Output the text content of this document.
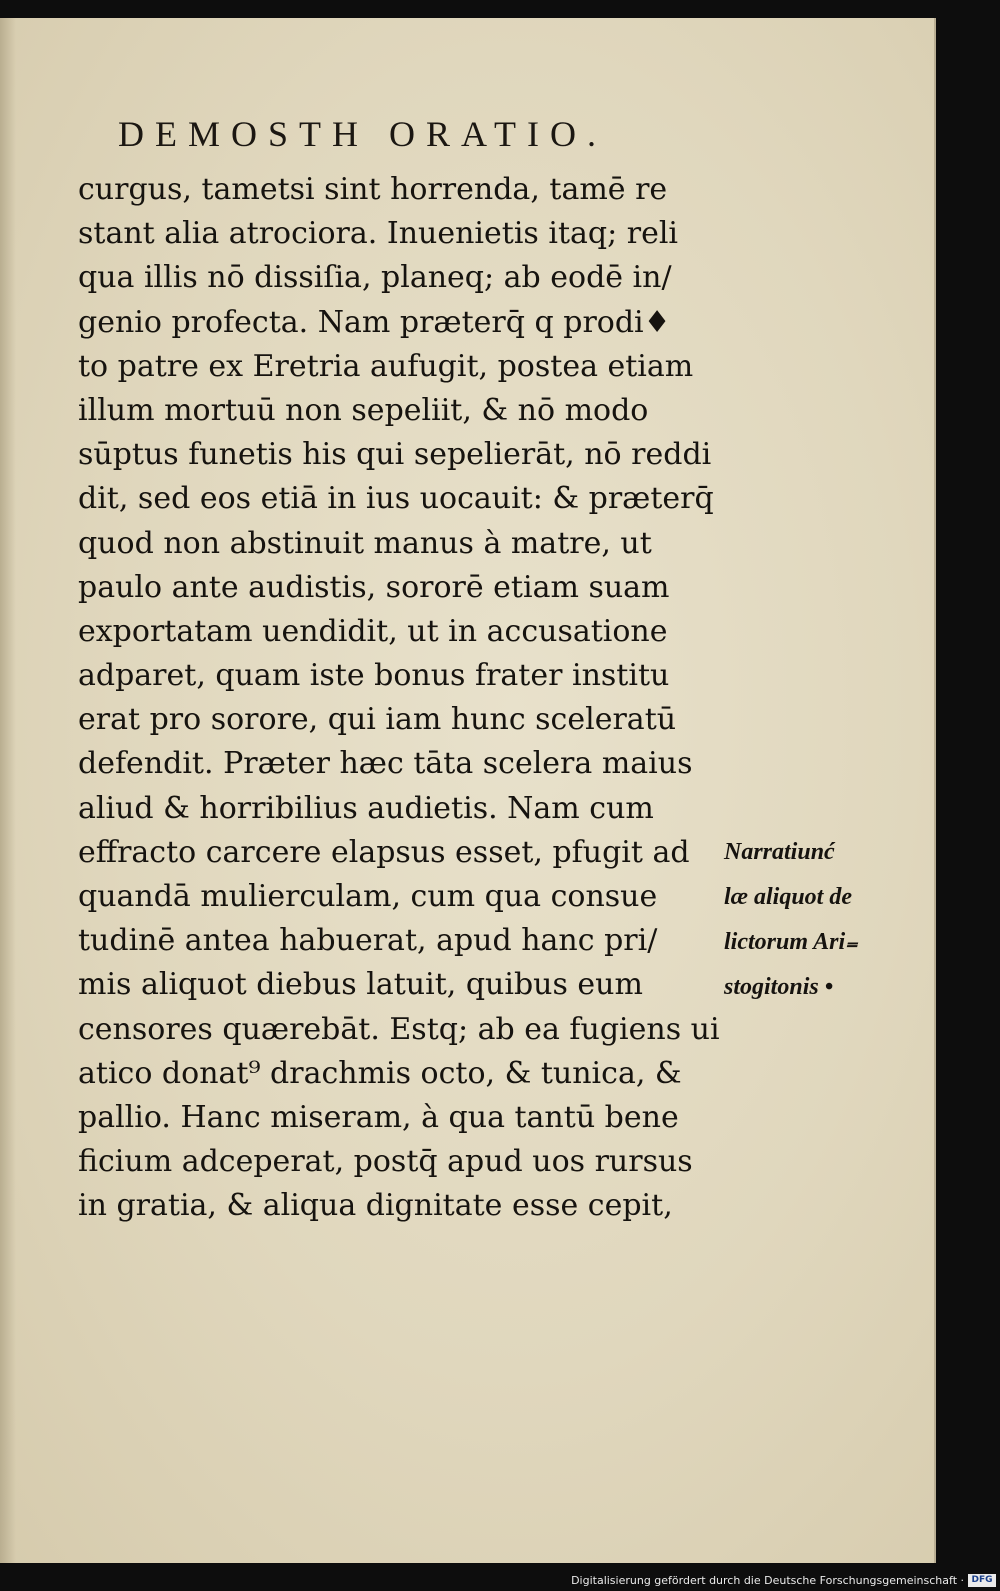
DEMOSTH ORATIO.
curgus, tametsi sint horrenda, tamē re
stant alia atrociora. Inuenietis itaq; reli
qua illis nō dissiſia, planeq; ab eodē in/
genio profecta. Nam præterq̄ q prodi♦
to patre ex Eretria aufugit, postea etiam
illum mortuū non sepeliit, & nō modo
sūptus funetis his qui sepelierāt, nō reddi
dit, sed eos etiā in ius uocauit: & præterq̄
quod non abstinuit manus à matre, ut
paulo ante audistis, sororē etiam suam
exportatam uendidit, ut in accusatione
adparet, quam iste bonus frater institu
erat pro sorore, qui iam hunc sceleratū
defendit. Præter hæc tāta scelera maius
aliud & horribilius audietis. Nam cum
effracto carcere elapsus esset, pfugit ad
quandā mulierculam, cum qua consue
tudinē antea habuerat, apud hanc pri/
mis aliquot diebus latuit, quibus eum
censores quærebāt. Estq; ab ea fugiens ui
atico donat⁹ drachmis octo, & tunica, &
pallio. Hanc miseram, à qua tantū bene
ficium adceperat, postq̄ apud uos rursus
in gratia, & aliqua dignitate esse cepit,
Narratiunć
læ aliquot de
lictorum Ari₌
stogitonis •
Digitalisierung gefördert durch die Deutsche Forschungsgemeinschaft · DFG
